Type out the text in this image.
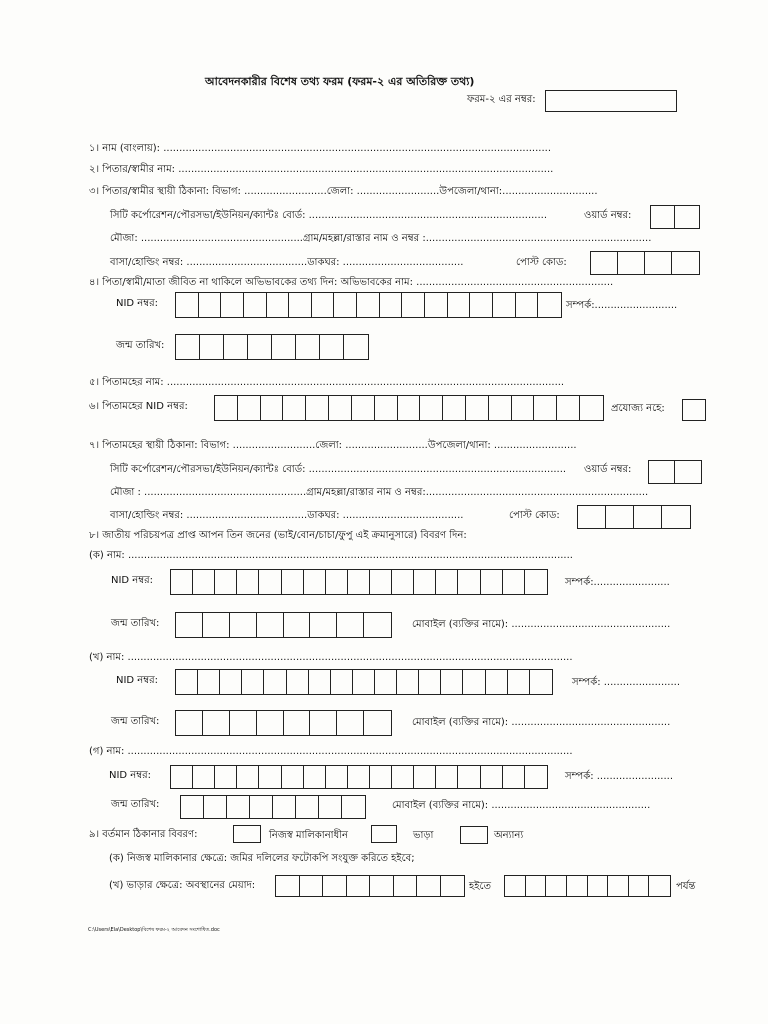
আবেদনকারীর বিশেষ তথ্য ফরম (ফরম-২ এর অতিরিক্ত তথ্য)
ফরম-২ এর নম্বর:
১। নাম (বাংলায়): ..........................................................................................................................
২। পিতার/স্বামীর নাম: ......................................................................................................................
৩। পিতার/স্বামীর স্থায়ী ঠিকানা: বিভাগ: ..........................জেলা: ..........................উপজেলা/থানা:..............................
সিটি কর্পোরেশন/পৌরসভা/ইউনিয়ন/ক্যান্টঃ বোর্ড: ...........................................................................	ওয়ার্ড নম্বর:
মৌজা: ...................................................গ্রাম/মহল্লা/রাস্তার নাম ও নম্বর :.......................................................................
বাসা/হোল্ডিং নম্বর: ......................................ডাকঘর: ......................................	পোস্ট কোড:
৪। পিতা/স্বামী/মাতা জীবিত না থাকিলে অভিভাবকের তথ্য দিন: অভিভাবকের নাম: ..............................................................
NID নম্বর:	সম্পর্ক:..........................
জন্ম তারিখ:
৫। পিতামহের নাম: .............................................................................................................................
৬। পিতামহের NID নম্বর:	প্রযোজ্য নহে:
৭। পিতামহের স্থায়ী ঠিকানা: বিভাগ: ..........................জেলা: ..........................উপজেলা/থানা: ..........................
সিটি কর্পোরেশন/পৌরসভা/ইউনিয়ন/ক্যান্টঃ বোর্ড: ................................................................................. ওয়ার্ড নম্বর:
মৌজা : ...................................................গ্রাম/মহল্লা/রাস্তার নাম ও নম্বর:......................................................................
বাসা/হোল্ডিং নম্বর: ......................................ডাকঘর: ......................................	পোস্ট কোড:
৮। জাতীয় পরিচয়পত্র প্রাপ্ত আপন তিন জনের (ভাই/বোন/চাচা/ফুপু এই ক্রমানুসারে) বিবরণ দিন:
(ক) নাম: ............................................................................................................................................
NID নম্বর:	সম্পর্ক:........................
জন্ম তারিখ:	মোবাইল (ব্যক্তির নামে): ..................................................
(খ) নাম: ............................................................................................................................................
NID নম্বর:	সম্পর্ক: ........................
জন্ম তারিখ:	মোবাইল (ব্যক্তির নামে): ..................................................
(গ) নাম: ............................................................................................................................................
NID নম্বর:	সম্পর্ক: ........................
জন্ম তারিখ:	মোবাইল (ব্যক্তির নামে): ..................................................
৯। বর্তমান ঠিকানার বিবরণ:	নিজস্ব মালিকানাধীন	ভাড়া	অন্যান্য
(ক) নিজস্ব মালিকানার ক্ষেত্রে: জমির দলিলের ফটোকপি সংযুক্ত করিতে হইবে;
(খ) ভাড়ার ক্ষেত্রে: অবস্থানের মেয়াদ:	হইতে	পর্যন্ত
C:\Users\Ela\Desktop\বিশেষ ফরম-২ আবেদন সংশোধিত.doc
